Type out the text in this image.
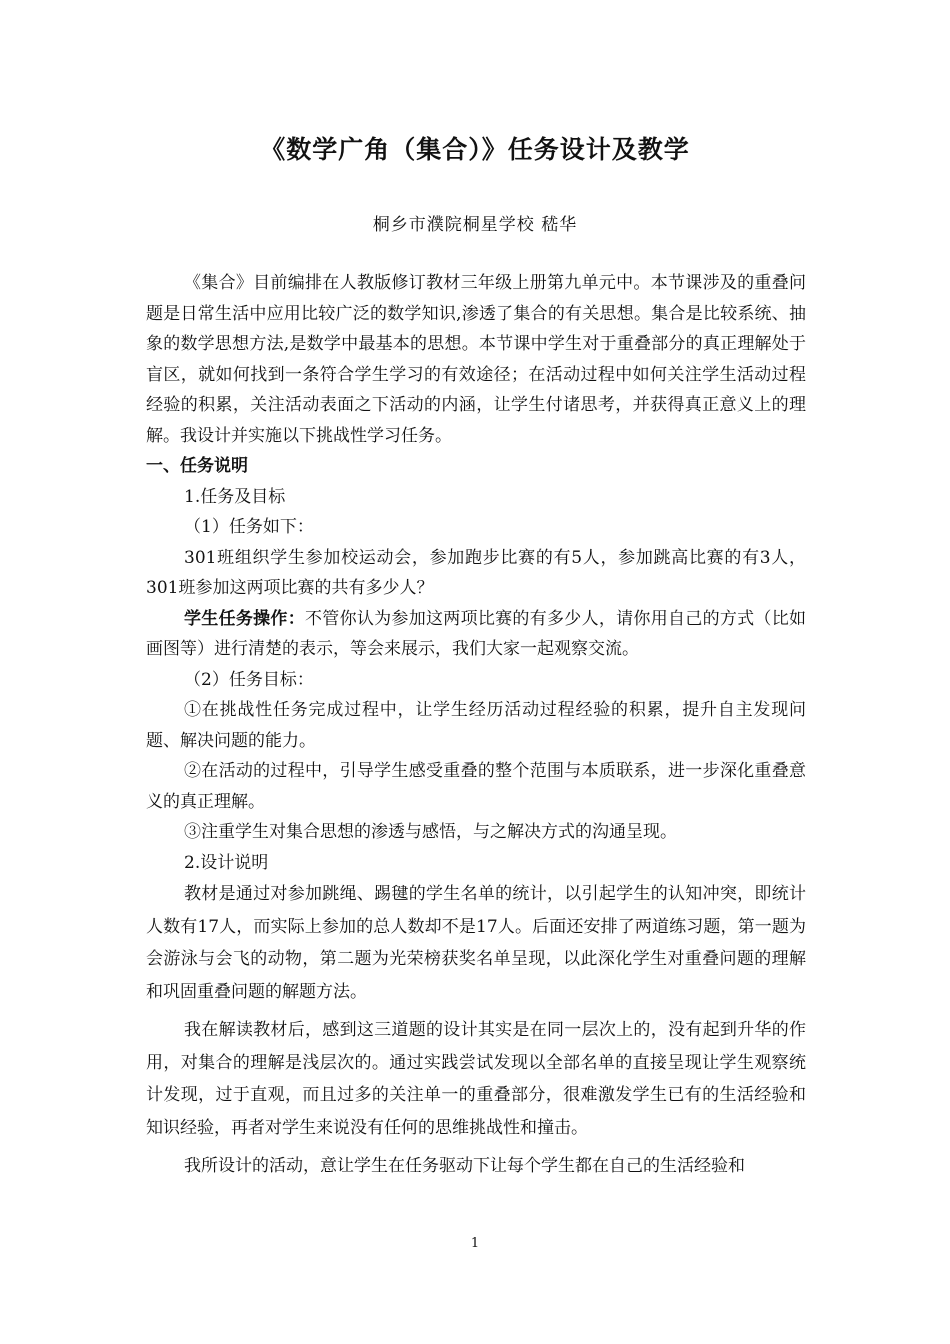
《数学广角（集合）》任务设计及教学
桐乡市濮院桐星学校 嵇华

《集合》目前编排在人教版修订教材三年级上册第九单元中。本节课涉及的重叠问题是日常生活中应用比较广泛的数学知识,渗透了集合的有关思想。集合是比较系统、抽象的数学思想方法,是数学中最基本的思想。本节课中学生对于重叠部分的真正理解处于盲区，就如何找到一条符合学生学习的有效途径；在活动过程中如何关注学生活动过程经验的积累，关注活动表面之下活动的内涵，让学生付诸思考，并获得真正意义上的理解。我设计并实施以下挑战性学习任务。

一、任务说明

1.任务及目标

（1）任务如下：

301班组织学生参加校运动会，参加跑步比赛的有5人，参加跳高比赛的有3人，301班参加这两项比赛的共有多少人？

学生任务操作：不管你认为参加这两项比赛的有多少人，请你用自己的方式（比如画图等）进行清楚的表示，等会来展示，我们大家一起观察交流。

（2）任务目标：

①在挑战性任务完成过程中，让学生经历活动过程经验的积累，提升自主发现问题、解决问题的能力。

②在活动的过程中，引导学生感受重叠的整个范围与本质联系，进一步深化重叠意义的真正理解。

③注重学生对集合思想的渗透与感悟，与之解决方式的沟通呈现。

2.设计说明

教材是通过对参加跳绳、踢毽的学生名单的统计，以引起学生的认知冲突，即统计人数有17人，而实际上参加的总人数却不是17人。后面还安排了两道练习题，第一题为会游泳与会飞的动物，第二题为光荣榜获奖名单呈现，以此深化学生对重叠问题的理解和巩固重叠问题的解题方法。

我在解读教材后，感到这三道题的设计其实是在同一层次上的，没有起到升华的作用，对集合的理解是浅层次的。通过实践尝试发现以全部名单的直接呈现让学生观察统计发现，过于直观，而且过多的关注单一的重叠部分，很难激发学生已有的生活经验和知识经验，再者对学生来说没有任何的思维挑战性和撞击。

我所设计的活动，意让学生在任务驱动下让每个学生都在自己的生活经验和

1
